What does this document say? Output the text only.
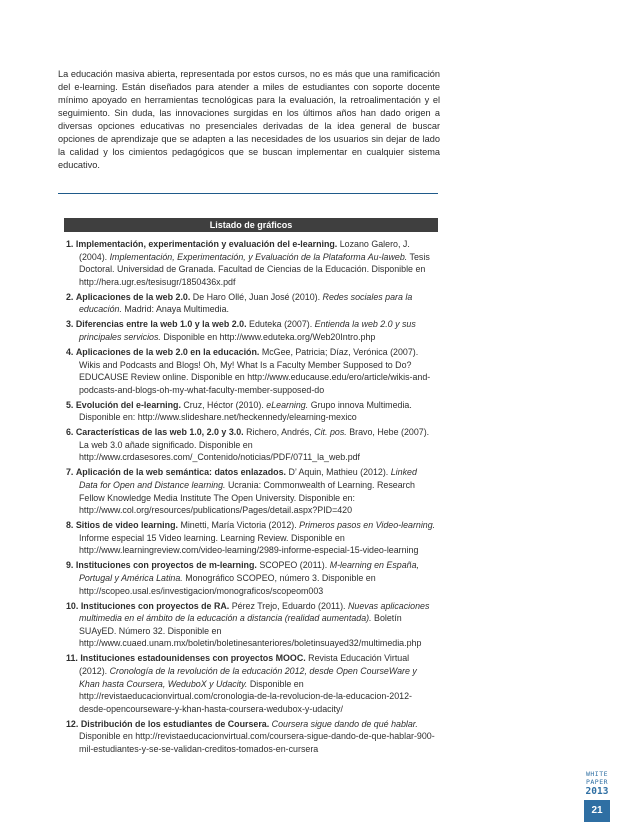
La educación masiva abierta, representada por estos cursos, no es más que una ramificación del e-learning. Están diseñados para atender a miles de estudiantes con soporte docente mínimo apoyado en herramientas tecnológicas para la evaluación, la retroalimentación y el seguimiento. Sin duda, las innovaciones surgidas en los últimos años han dado origen a diversas opciones educativas no presenciales derivadas de la idea general de buscar opciones de aprendizaje que se adapten a las necesidades de los usuarios sin dejar de lado la calidad y los cimientos pedagógicos que se buscan implementar en cualquier sistema educativo.

Listado de gráficos
1. Implementación, experimentación y evaluación del e-learning. Lozano Galero, J. (2004). Implementación, Experimentación, y Evaluación de la Plataforma Au-laweb. Tesis Doctoral. Universidad de Granada. Facultad de Ciencias de la Educación. Disponible en http://hera.ugr.es/tesisugr/1850436x.pdf
2. Aplicaciones de la web 2.0. De Haro Ollé, Juan José (2010). Redes sociales para la educación. Madrid: Anaya Multimedia.
3. Diferencias entre la web 1.0 y la web 2.0. Eduteka (2007). Entienda la web 2.0 y sus principales servicios. Disponible en http://www.eduteka.org/Web20Intro.php
4. Aplicaciones de la web 2.0 en la educación. McGee, Patricia; Díaz, Verónica (2007). Wikis and Podcasts and Blogs! Oh, My! What Is a Faculty Member Supposed to Do? EDUCAUSE Review online. Disponible en http://www.educause.edu/ero/article/wikis-and-podcasts-and-blogs-oh-my-what-faculty-member-supposed-do
5. Evolución del e-learning. Cruz, Héctor (2010). eLearning. Grupo innova Multimedia. Disponible en: http://www.slideshare.net/heckennedy/elearning-mexico
6. Características de las web 1.0, 2.0 y 3.0. Richero, Andrés, Cit. pos. Bravo, Hebe (2007). La web 3.0 añade significado. Disponible en http://www.crdasesores.com/_Contenido/noticias/PDF/0711_la_web.pdf
7. Aplicación de la web semántica: datos enlazados. D’ Aquin, Mathieu (2012). Linked Data for Open and Distance learning. Ucrania: Commonwealth of Learning. Research Fellow Knowledge Media Institute The Open University. Disponible en: http://www.col.org/resources/publications/Pages/detail.aspx?PID=420
8. Sitios de video learning. Minetti, María Victoria (2012). Primeros pasos en Video-learning. Informe especial 15 Video learning. Learning Review. Disponible en http://www.learningreview.com/video-learning/2989-informe-especial-15-video-learning
9. Instituciones con proyectos de m-learning. SCOPEO (2011). M-learning en España, Portugal y América Latina. Monográfico SCOPEO, número 3. Disponible en http://scopeo.usal.es/investigacion/monograficos/scopeom003
10. Instituciones con proyectos de RA. Pérez Trejo, Eduardo (2011). Nuevas aplicaciones multimedia en el ámbito de la educación a distancia (realidad aumentada). Boletín SUAyED. Número 32. Disponible en http://www.cuaed.unam.mx/boletin/boletinesanteriores/boletinsuayed32/multimedia.php
11. Instituciones estadounidenses con proyectos MOOC. Revista Educación Virtual (2012). Cronología de la revolución de la educación 2012, desde Open CourseWare y Khan hasta Coursera, WeduboX y Udacity. Disponible en http://revistaeducacionvirtual.com/cronologia-de-la-revolucion-de-la-educacion-2012-desde-opencourseware-y-khan-hasta-coursera-wedubox-y-udacity/
12. Distribución de los estudiantes de Coursera. Coursera sigue dando de qué hablar. Disponible en http://revistaeducacionvirtual.com/coursera-sigue-dando-de-que-hablar-900-mil-estudiantes-y-se-se-validan-creditos-tomados-en-cursera
WHITE
PAPER
2013
21
